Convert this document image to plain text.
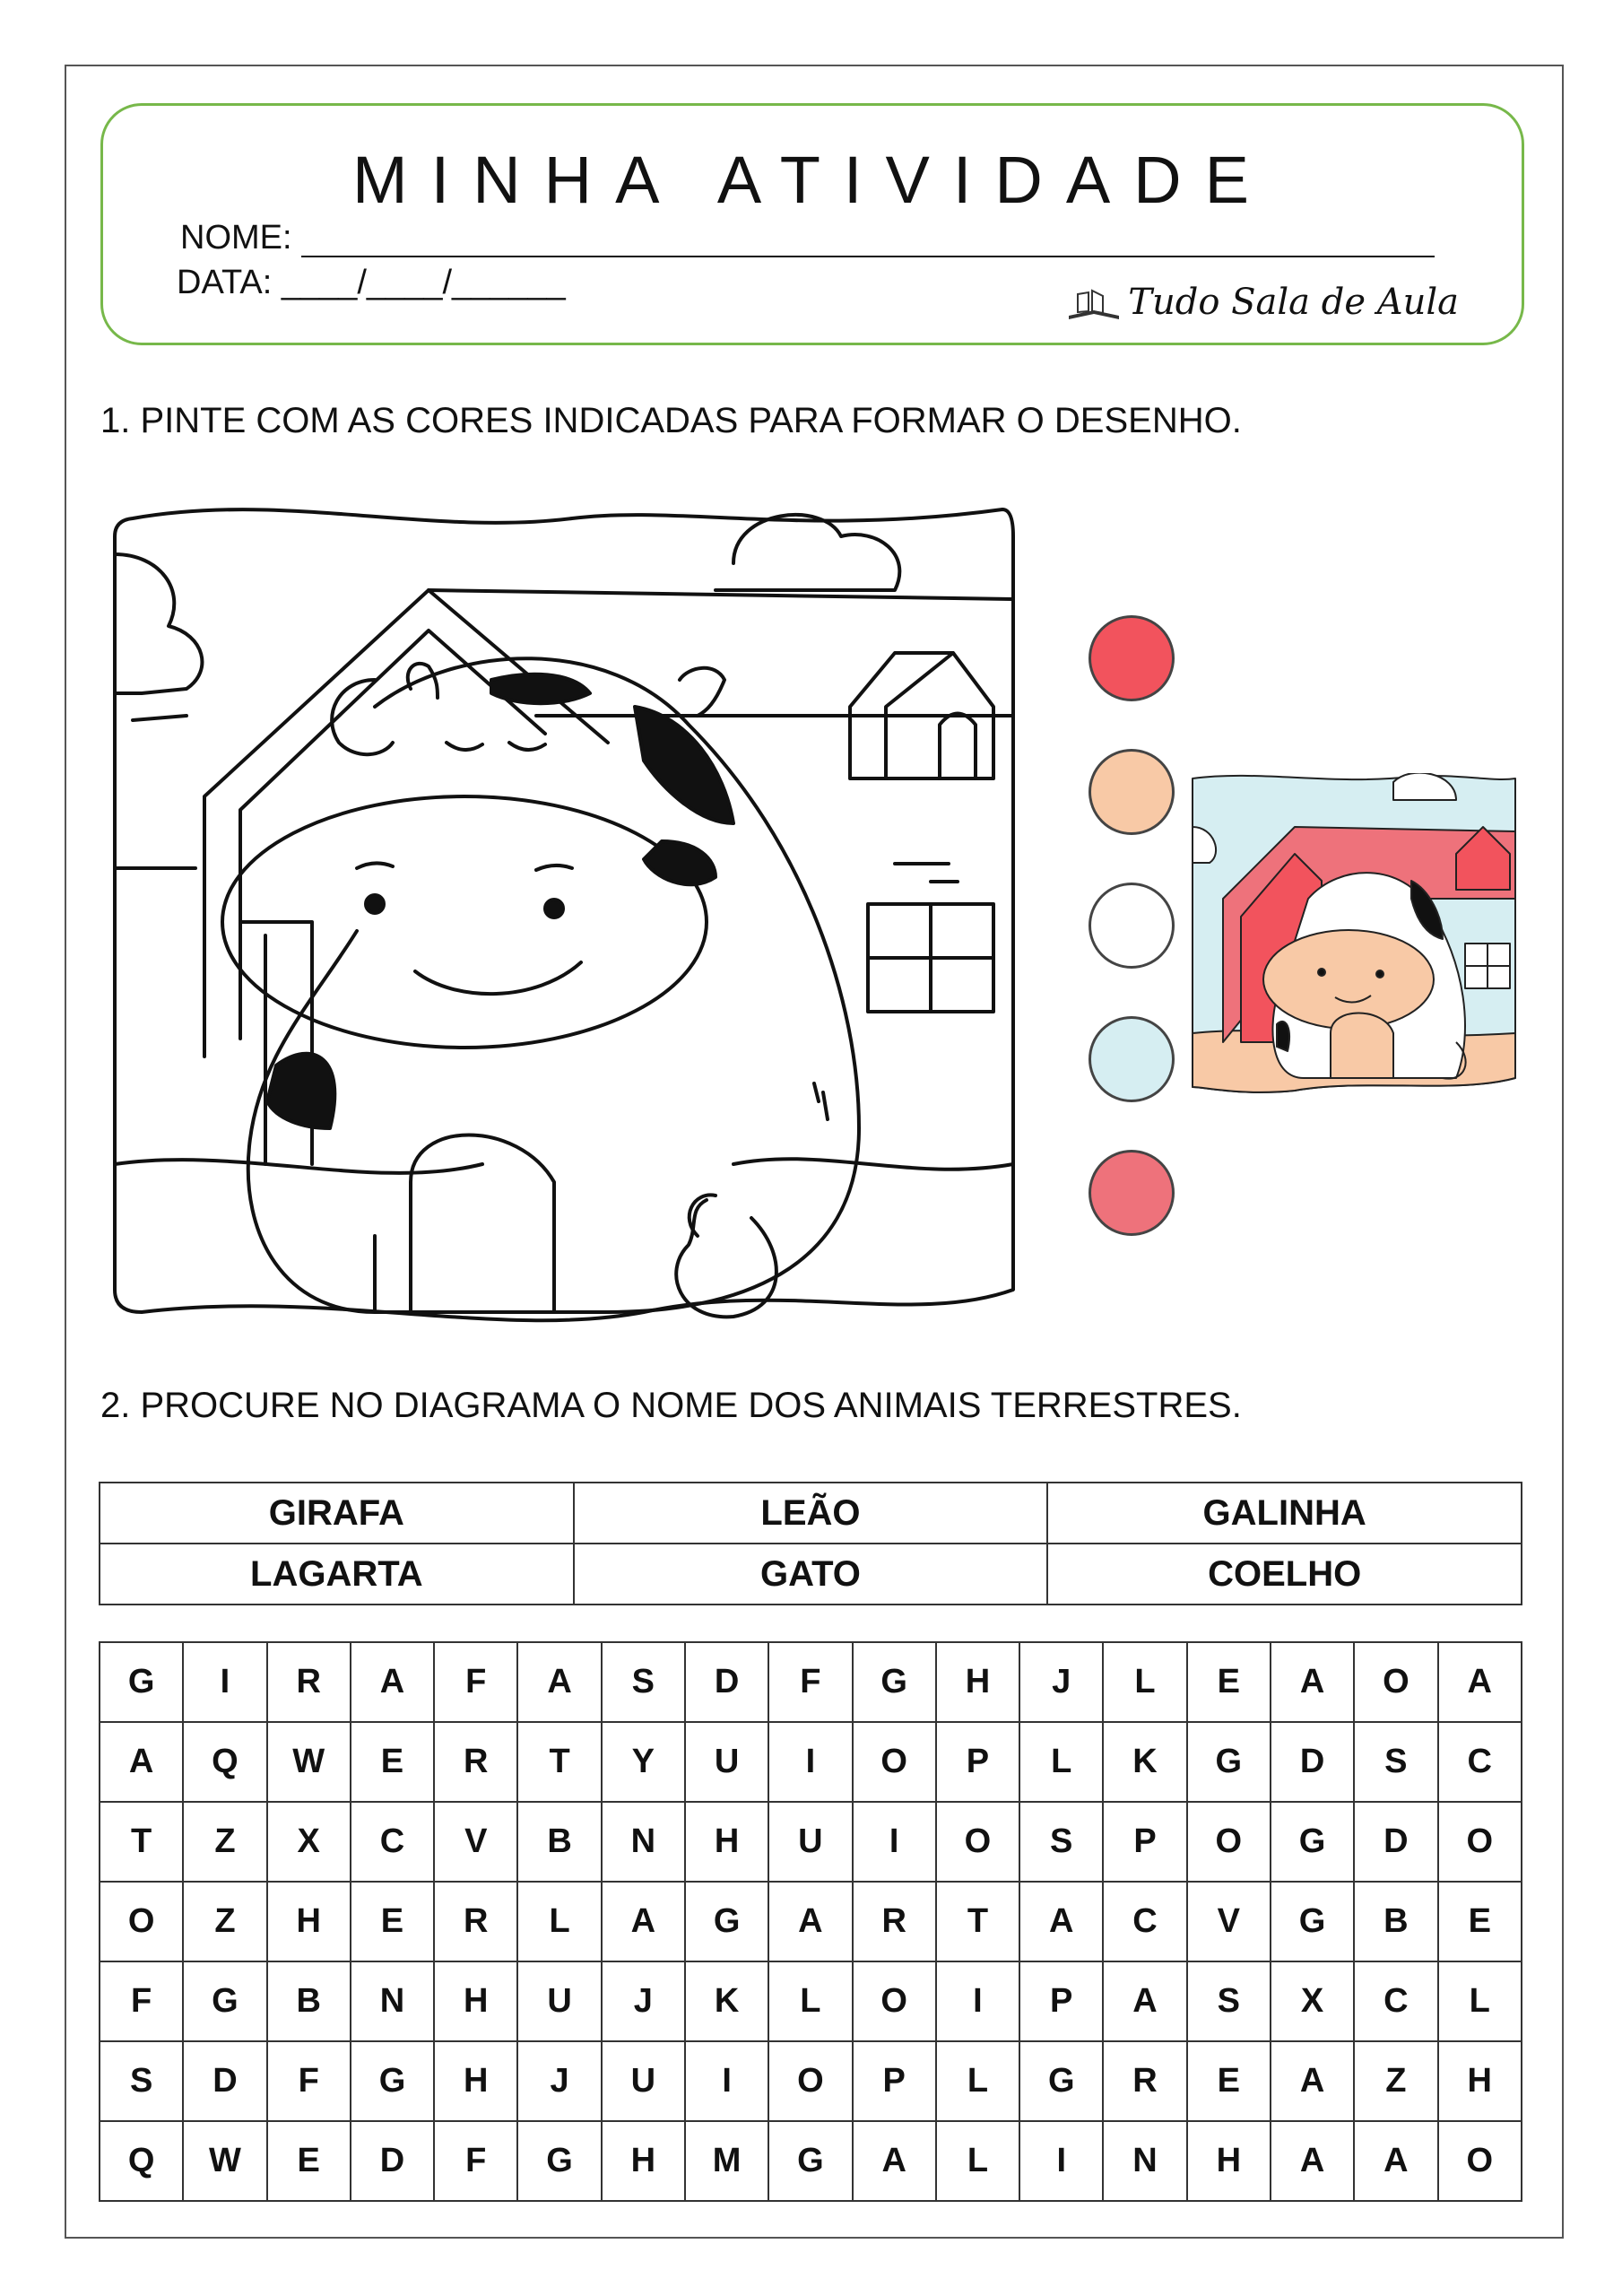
MINHA ATIVIDADE
NOME:
DATA: ____/____/______	Tudo Sala de Aula
1. PINTE COM AS CORES INDICADAS PARA FORMAR O DESENHO.
2. PROCURE NO DIAGRAMA O NOME DOS ANIMAIS TERRESTRES.
GIRAFA	LEÃO	GALINHA
LAGARTA	GATO	COELHO
G	I	R	A	F	A	S	D	F	G	H	J	L	E	A	O	A
A	Q	W	E	R	T	Y	U	I	O	P	L	K	G	D	S	C
T	Z	X	C	V	B	N	H	U	I	O	S	P	O	G	D	O
O	Z	H	E	R	L	A	G	A	R	T	A	C	V	G	B	E
F	G	B	N	H	U	J	K	L	O	I	P	A	S	X	C	L
S	D	F	G	H	J	U	I	O	P	L	G	R	E	A	Z	H
Q	W	E	D	F	G	H	M	G	A	L	I	N	H	A	A	O
